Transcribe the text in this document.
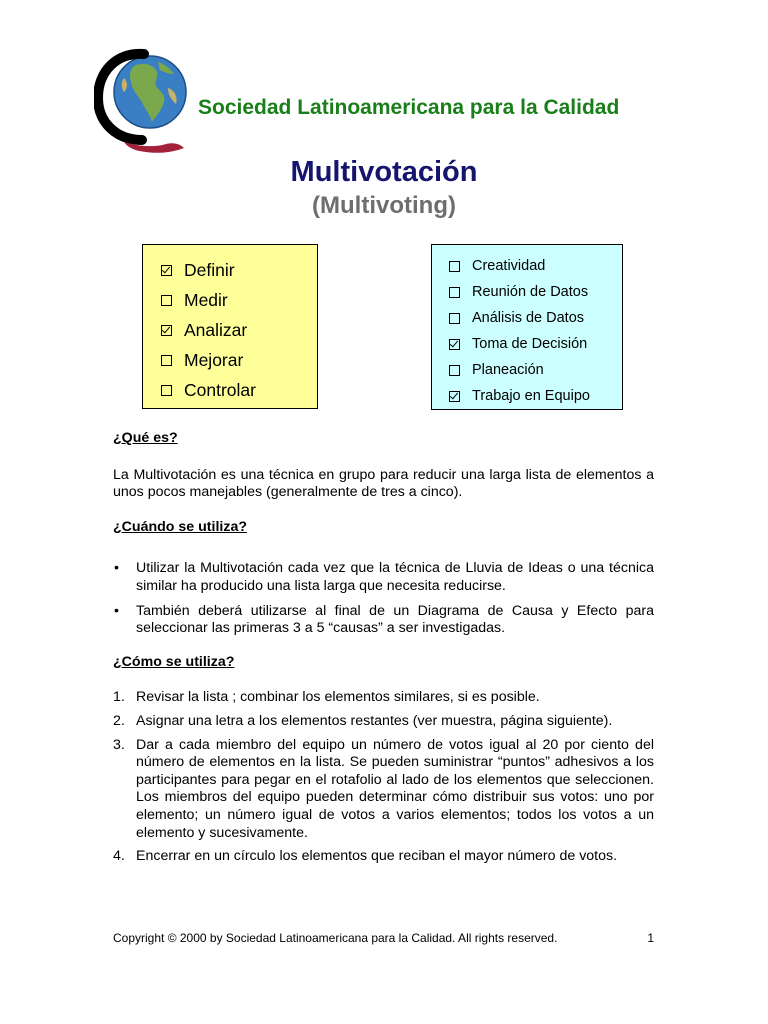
Sociedad Latinoamericana para la Calidad
Multivotación
(Multivoting)
Definir
Medir
Analizar
Mejorar
Controlar
Creatividad
Reunión de Datos
Análisis de Datos
Toma de Decisión
Planeación
Trabajo en Equipo

¿Qué es?

La Multivotación es una técnica en grupo para reducir una larga lista de elementos a unos pocos manejables (generalmente de tres a cinco).

¿Cuándo se utiliza?

• Utilizar la Multivotación cada vez que la técnica de Lluvia de Ideas o una técnica similar ha producido una lista larga que necesita reducirse.
• También deberá utilizarse al final de un Diagrama de Causa y Efecto para seleccionar las primeras 3 a 5 “causas” a ser investigadas.

¿Cómo se utiliza?

1. Revisar la lista ; combinar los elementos similares, si es posible.
2. Asignar una letra a los elementos restantes (ver muestra, página siguiente).
3. Dar a cada miembro del equipo un número de votos igual al 20 por ciento del número de elementos en la lista. Se pueden suministrar “puntos” adhesivos a los participantes para pegar en el rotafolio al lado de los elementos que seleccionen. Los miembros del equipo pueden determinar cómo distribuir sus votos: uno por elemento; un número igual de votos a varios elementos; todos los votos a un elemento y sucesivamente.
4. Encerrar en un círculo los elementos que reciban el mayor número de votos.
Copyright © 2000 by Sociedad Latinoamericana para la Calidad. All rights reserved.	1
